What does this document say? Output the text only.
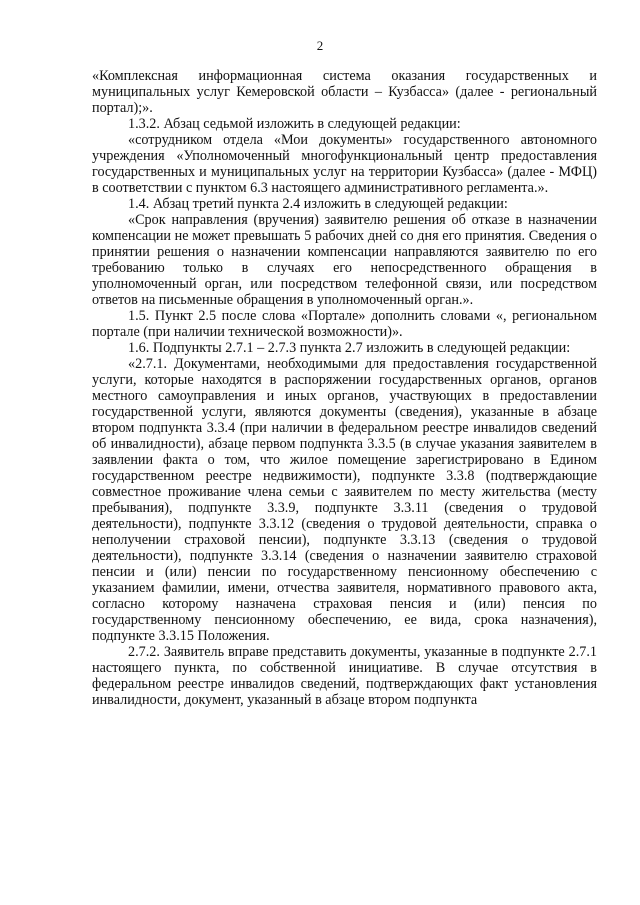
2

«Комплексная информационная система оказания государственных и муниципальных услуг Кемеровской области – Кузбасса» (далее - региональный портал);».

1.3.2. Абзац седьмой изложить в следующей редакции:

«сотрудником отдела «Мои документы» государственного автономного учреждения «Уполномоченный многофункциональный центр предоставления государственных и муниципальных услуг на территории Кузбасса» (далее - МФЦ) в соответствии с пунктом 6.3 настоящего административного регламента.».

1.4. Абзац третий пункта 2.4 изложить в следующей редакции:

«Срок направления (вручения) заявителю решения об отказе в назначении компенсации не может превышать 5 рабочих дней со дня его принятия. Сведения о принятии решения о назначении компенсации направляются заявителю по его требованию только в случаях его непосредственного обращения в уполномоченный орган, или посредством телефонной связи, или посредством ответов на письменные обращения в уполномоченный орган.».

1.5. Пункт 2.5 после слова «Портале» дополнить словами «, региональном портале (при наличии технической возможности)».

1.6. Подпункты 2.7.1 – 2.7.3 пункта 2.7 изложить в следующей редакции:

«2.7.1. Документами, необходимыми для предоставления государственной услуги, которые находятся в распоряжении государственных органов, органов местного самоуправления и иных органов, участвующих в предоставлении государственной услуги, являются документы (сведения), указанные в абзаце втором подпункта 3.3.4 (при наличии в федеральном реестре инвалидов сведений об инвалидности), абзаце первом подпункта 3.3.5 (в случае указания заявителем в заявлении факта о том, что жилое помещение зарегистрировано в Едином государственном реестре недвижимости), подпункте 3.3.8 (подтверждающие совместное проживание члена семьи с заявителем по месту жительства (месту пребывания), подпункте 3.3.9, подпункте 3.3.11 (сведения о трудовой деятельности), подпункте 3.3.12 (сведения о трудовой деятельности, справка о неполучении страховой пенсии), подпункте 3.3.13 (сведения о трудовой деятельности), подпункте 3.3.14 (сведения о назначении заявителю страховой пенсии и (или) пенсии по государственному пенсионному обеспечению с указанием фамилии, имени, отчества заявителя, нормативного правового акта, согласно которому назначена страховая пенсия и (или) пенсия по государственному пенсионному обеспечению, ее вида, срока назначения), подпункте 3.3.15 Положения.

2.7.2. Заявитель вправе представить документы, указанные в подпункте 2.7.1 настоящего пункта, по собственной инициативе. В случае отсутствия в федеральном реестре инвалидов сведений, подтверждающих факт установления инвалидности, документ, указанный в абзаце втором подпункта
